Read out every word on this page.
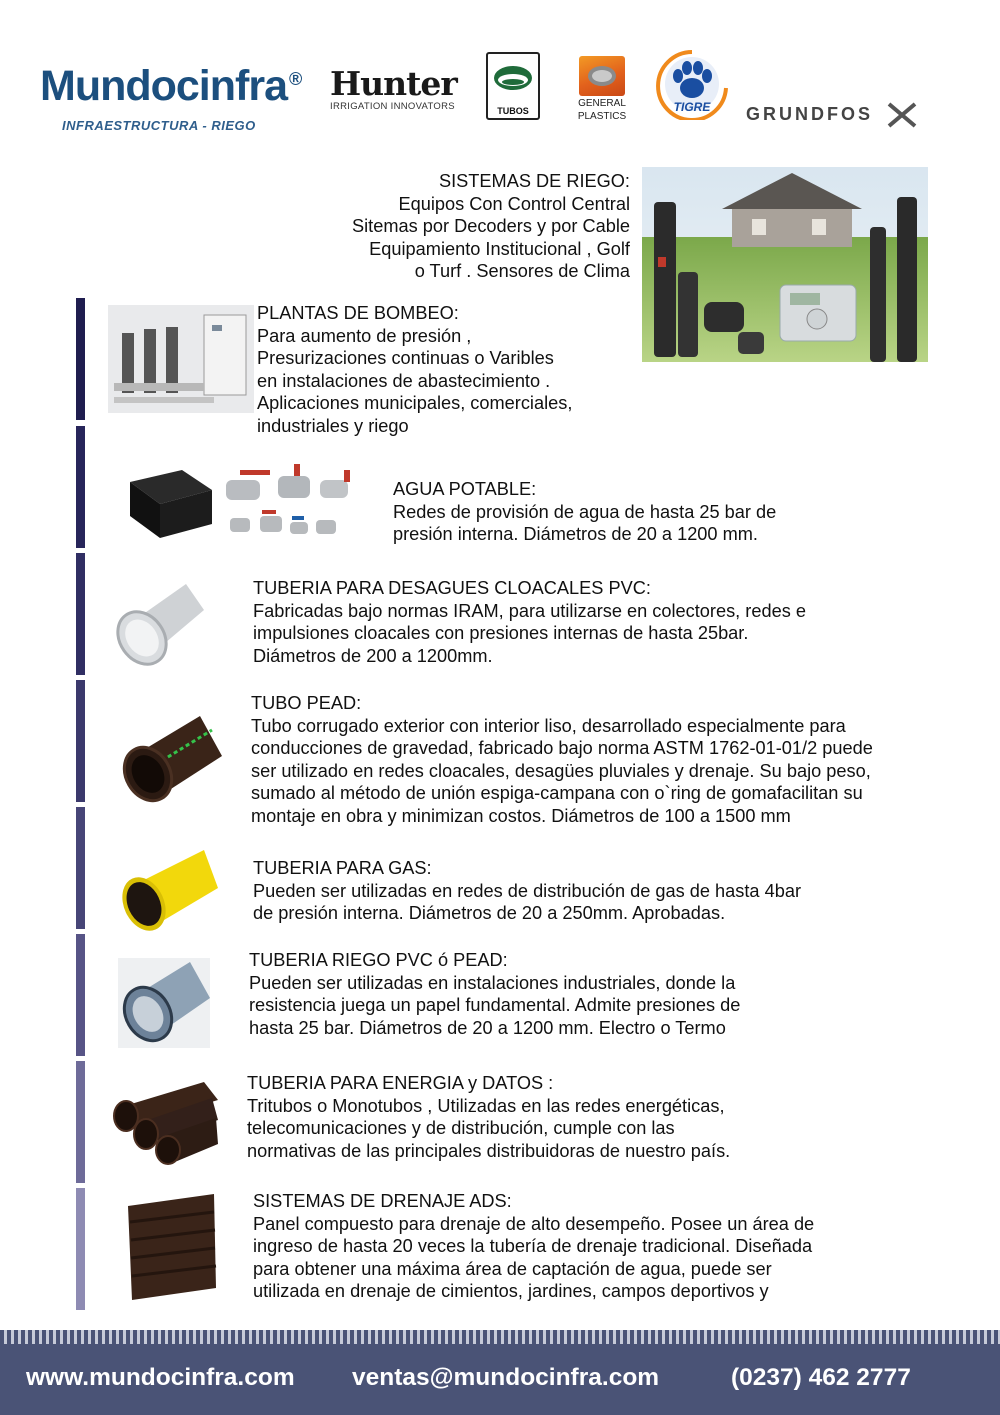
Mundocinfra ®
INFRAESTRUCTURA - RIEGO
Hunter
IRRIGATION INNOVATORS	TUBOS
GENERAL
PLASTICS
TIGRE	GRUNDFOS
SISTEMAS DE RIEGO:
Equipos Con Control Central
Sitemas por Decoders y por Cable
Equipamiento Institucional , Golf
o Turf . Sensores de Clima
PLANTAS DE BOMBEO:
Para aumento de presión ,
Presurizaciones continuas o Varibles
en instalaciones de abastecimiento .
Aplicaciones municipales, comerciales,
industriales y riego
AGUA POTABLE:
Redes de provisión de agua de hasta 25 bar de
presión interna. Diámetros de 20 a 1200 mm.
TUBERIA PARA DESAGUES CLOACALES PVC:
Fabricadas bajo normas IRAM, para utilizarse en colectores, redes e
impulsiones cloacales con presiones internas de hasta 25bar.
Diámetros de 200 a 1200mm.
TUBO PEAD:
Tubo corrugado exterior con interior liso, desarrollado especialmente para
conducciones de gravedad, fabricado bajo norma ASTM 1762-01-01/2 puede
ser utilizado en redes cloacales, desagües pluviales y drenaje. Su bajo peso,
sumado al método de unión espiga-campana con o`ring de gomafacilitan su
montaje en obra y minimizan costos. Diámetros de 100 a 1500 mm
TUBERIA PARA GAS:
Pueden ser utilizadas en redes de distribución de gas de hasta 4bar
de presión interna. Diámetros de 20 a 250mm. Aprobadas.
TUBERIA RIEGO PVC ó PEAD:
Pueden ser utilizadas en instalaciones industriales, donde la
resistencia juega un papel fundamental. Admite presiones de
hasta 25 bar. Diámetros de 20 a 1200 mm. Electro o Termo
TUBERIA PARA ENERGIA y DATOS :
Tritubos o Monotubos , Utilizadas en las redes energéticas,
telecomunicaciones y de distribución, cumple con las
normativas de las principales distribuidoras de nuestro país.
SISTEMAS DE DRENAJE ADS:
Panel compuesto para drenaje de alto desempeño. Posee un área de
ingreso de hasta 20 veces la tubería de drenaje tradicional. Diseñada
para obtener una máxima área de captación de agua, puede ser
utilizada en drenaje de cimientos, jardines, campos deportivos y
www.mundocinfra.com ventas@mundocinfra.com	(0237) 462 2777
